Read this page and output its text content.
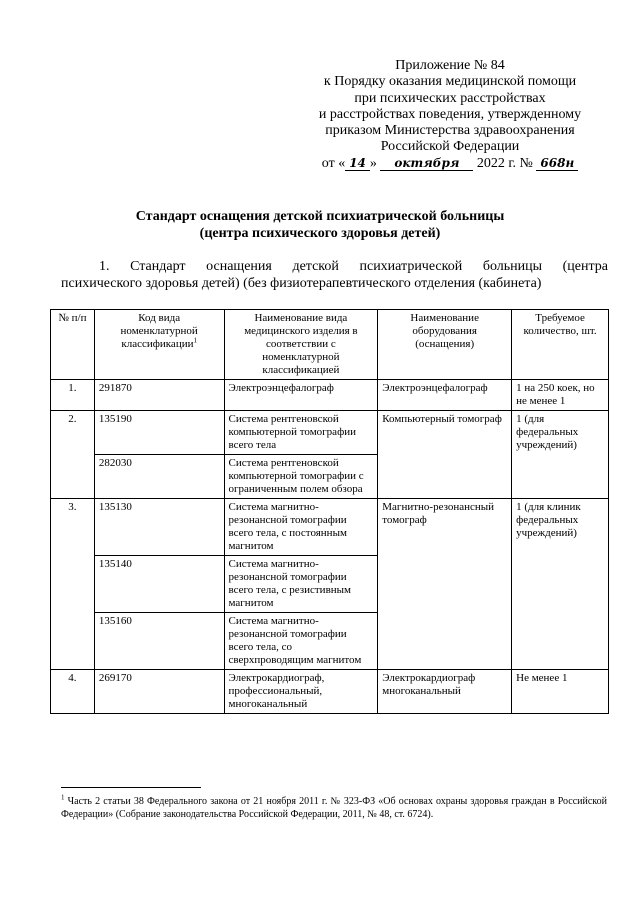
Приложение № 84
к Порядку оказания медицинской помощи
при психических расстройствах
и расстройствах поведения, утвержденному
приказом Министерства здравоохранения
Российской Федерации
от « 14 » октября 2022 г. № 668н
Стандарт оснащения детской психиатрической больницы
(центра психического здоровья детей)
1. Стандарт оснащения детской психиатрической больницы (центра
психического здоровья детей) (без физиотерапевтического отделения (кабинета)
№ п/п	Код вида номенклатурной классификации$^1$	Наименование вида медицинского изделия в соответствии с номенклатурной классификацией	Наименование оборудования (оснащения)	Требуемое количество, шт.
1.	291870	Электроэнцефалограф	Электроэнцефалограф	1 на 250 коек, но не менее 1
2.	135190	Система рентгеновской компьютерной томографии всего тела	Компьютерный томограф	1 (для федеральных учреждений)
	282030	Система рентгеновской компьютерной томографии с ограниченным полем обзора		
3.	135130	Система магнитно-резонансной томографии всего тела, с постоянным магнитом	Магнитно-резонансный томограф	1 (для клиник федеральных учреждений)
	135140	Система магнитно-резонансной томографии всего тела, с резистивным магнитом		
	135160	Система магнитно-резонансной томографии всего тела, со сверхпроводящим магнитом		
4.	269170	Электрокардиограф, профессиональный, многоканальный	Электрокардиограф многоканальный	Не менее 1
$^1$ Часть 2 статьи 38 Федерального закона от 21 ноября 2011 г. № 323-ФЗ «Об основах охраны здоровья граждан в Российской Федерации» (Собрание законодательства Российской Федерации, 2011, № 48, ст. 6724).
